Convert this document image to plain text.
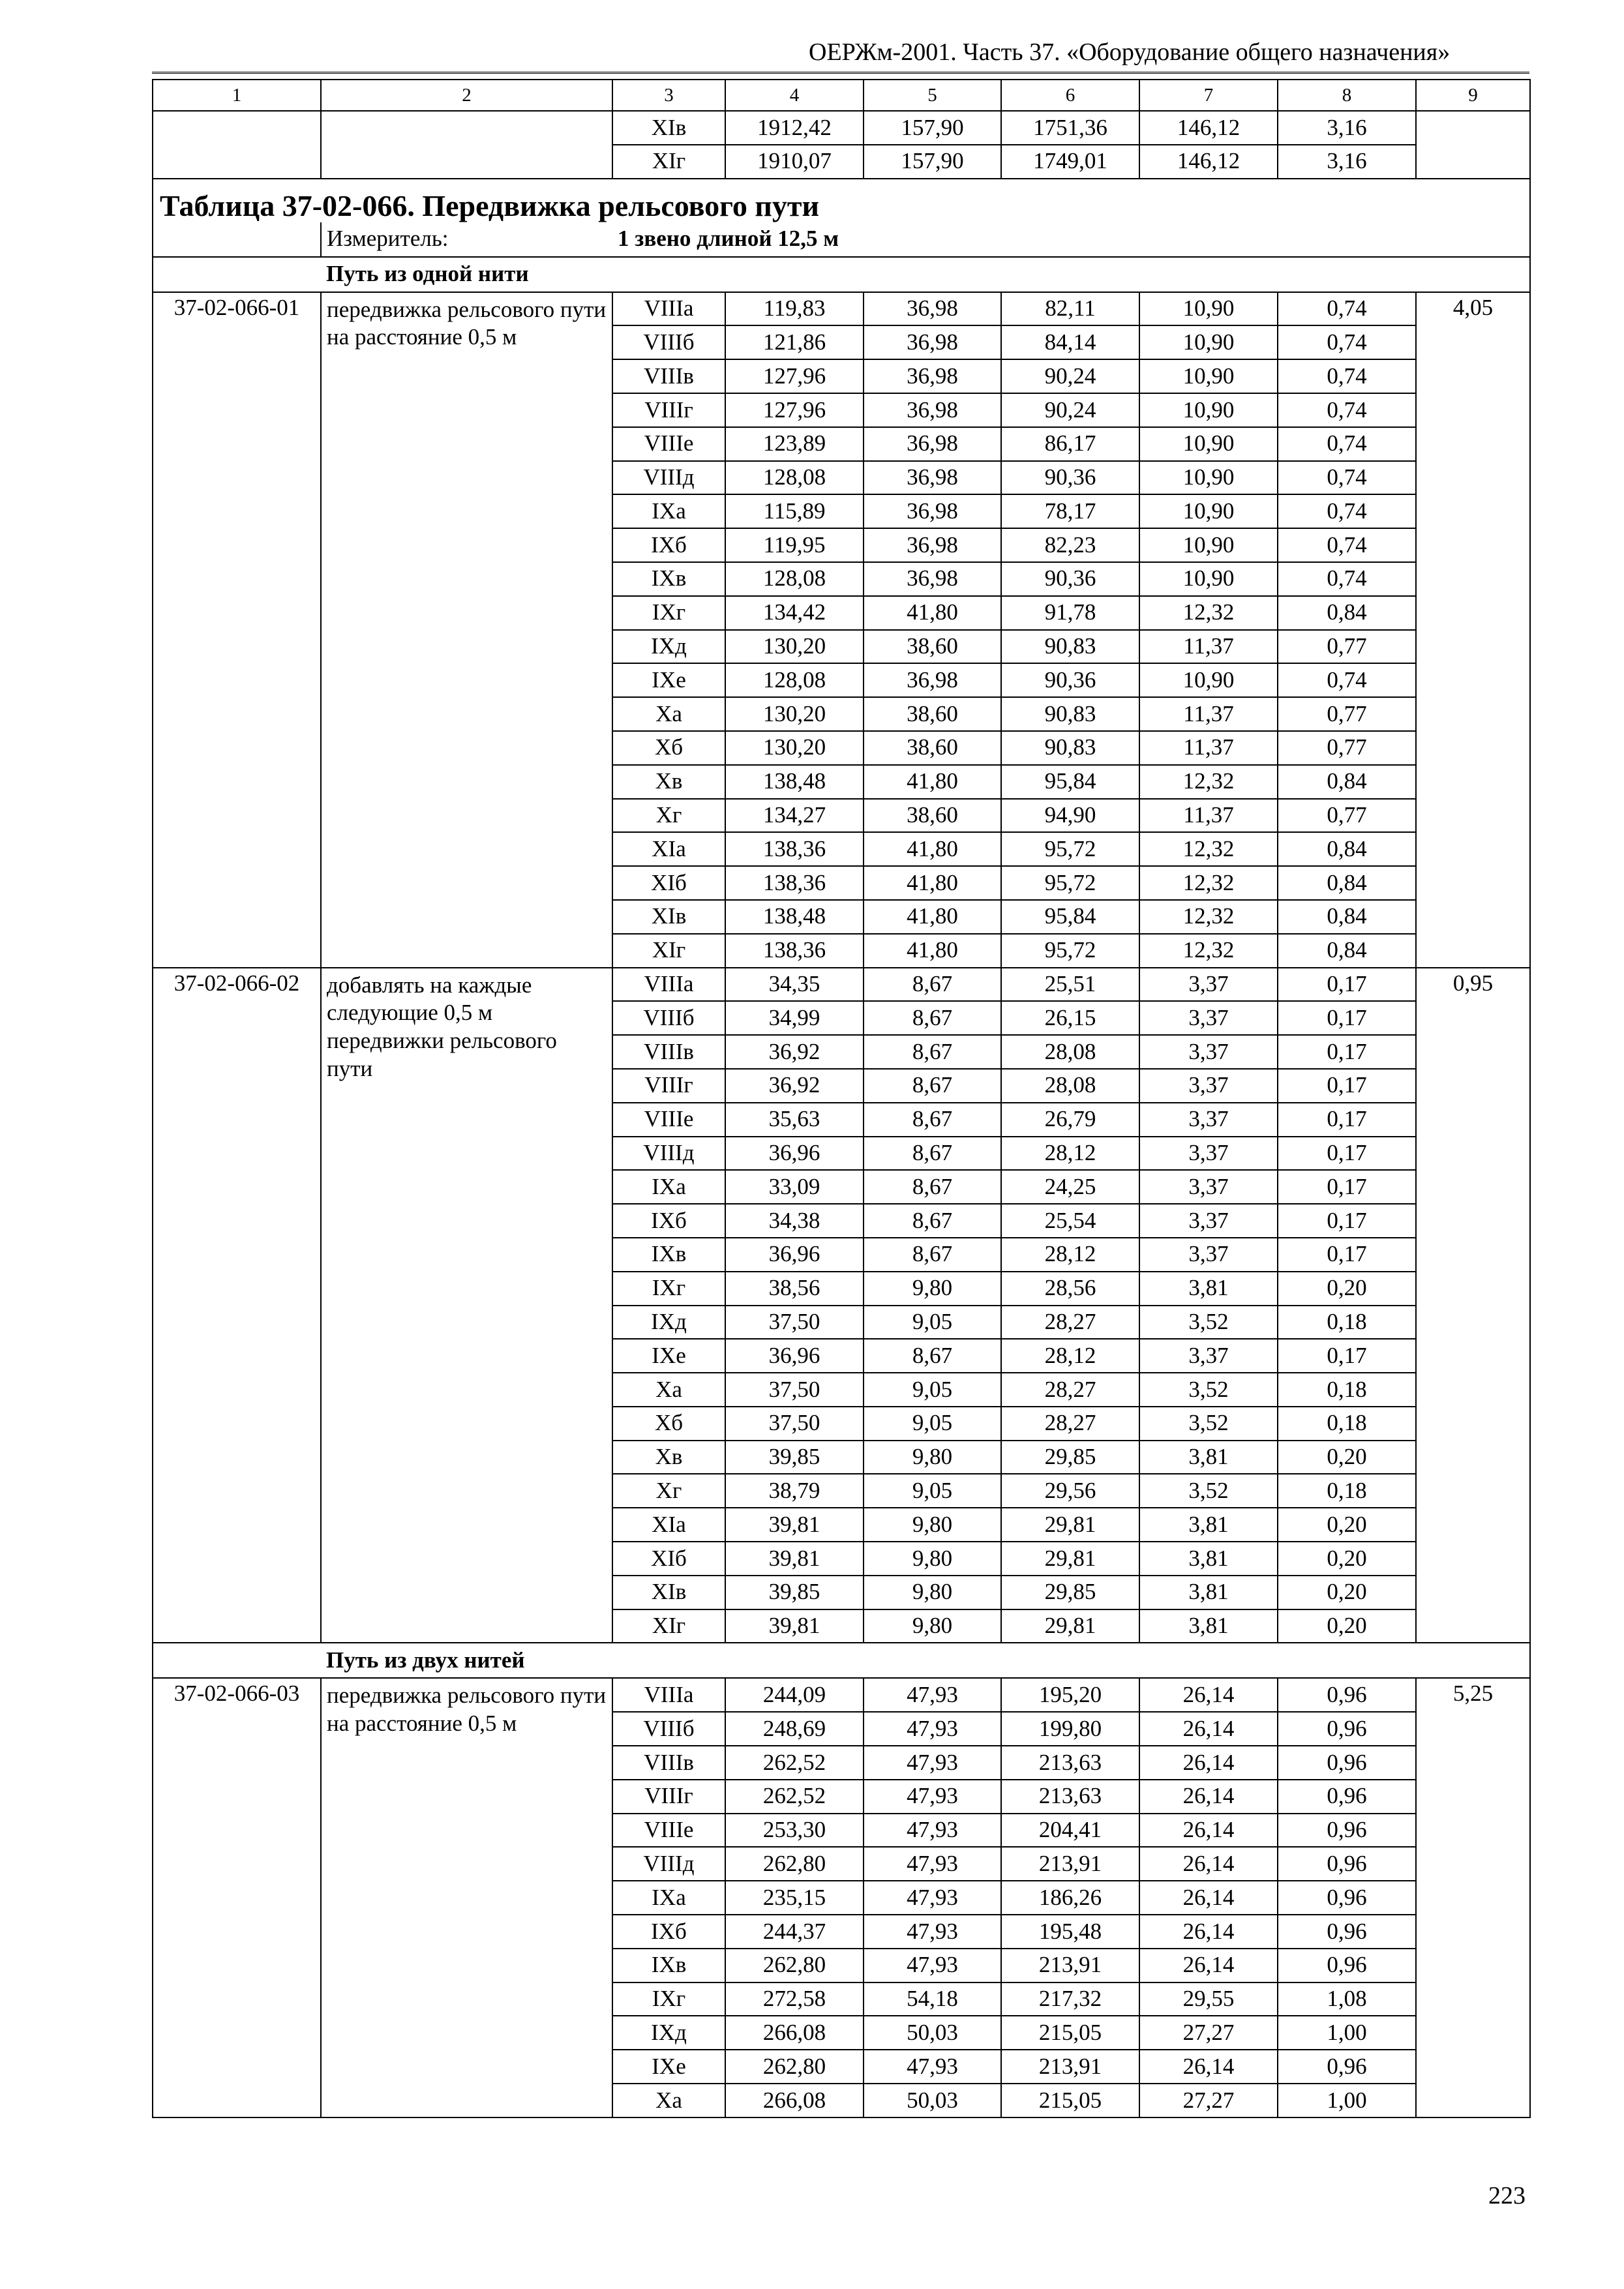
ОЕРЖм-2001. Часть 37. «Оборудование общего назначения»
1	2	3	4	5	6	7	8	9
		XIв	1912,42	157,90	1751,36	146,12	3,16	
		XIг	1910,07	157,90	1749,01	146,12	3,16	
Таблица 37-02-066. Передвижка рельсового пути								
	Измеритель:	1 звено длиной 12,5 м						
	Путь из одной нити							
37-02-066-01	передвижка рельсового пути на расстояние 0,5 м	VIIIа	119,83	36,98	82,11	10,90	0,74	4,05
		VIIIб	121,86	36,98	84,14	10,90	0,74	
		VIIIв	127,96	36,98	90,24	10,90	0,74	
		VIIIг	127,96	36,98	90,24	10,90	0,74	
		VIIIе	123,89	36,98	86,17	10,90	0,74	
		VIIIд	128,08	36,98	90,36	10,90	0,74	
		IXа	115,89	36,98	78,17	10,90	0,74	
		IXб	119,95	36,98	82,23	10,90	0,74	
		IXв	128,08	36,98	90,36	10,90	0,74	
		IXг	134,42	41,80	91,78	12,32	0,84	
		IXд	130,20	38,60	90,83	11,37	0,77	
		IXе	128,08	36,98	90,36	10,90	0,74	
		Xа	130,20	38,60	90,83	11,37	0,77	
		Xб	130,20	38,60	90,83	11,37	0,77	
		Xв	138,48	41,80	95,84	12,32	0,84	
		Xг	134,27	38,60	94,90	11,37	0,77	
		XIа	138,36	41,80	95,72	12,32	0,84	
		XIб	138,36	41,80	95,72	12,32	0,84	
		XIв	138,48	41,80	95,84	12,32	0,84	
		XIг	138,36	41,80	95,72	12,32	0,84	
37-02-066-02	добавлять на каждые следующие 0,5 м передвижки рельсового пути	VIIIа	34,35	8,67	25,51	3,37	0,17	0,95
		VIIIб	34,99	8,67	26,15	3,37	0,17	
		VIIIв	36,92	8,67	28,08	3,37	0,17	
		VIIIг	36,92	8,67	28,08	3,37	0,17	
		VIIIе	35,63	8,67	26,79	3,37	0,17	
		VIIIд	36,96	8,67	28,12	3,37	0,17	
		IXа	33,09	8,67	24,25	3,37	0,17	
		IXб	34,38	8,67	25,54	3,37	0,17	
		IXв	36,96	8,67	28,12	3,37	0,17	
		IXг	38,56	9,80	28,56	3,81	0,20	
		IXд	37,50	9,05	28,27	3,52	0,18	
		IXе	36,96	8,67	28,12	3,37	0,17	
		Xа	37,50	9,05	28,27	3,52	0,18	
		Xб	37,50	9,05	28,27	3,52	0,18	
		Xв	39,85	9,80	29,85	3,81	0,20	
		Xг	38,79	9,05	29,56	3,52	0,18	
		XIа	39,81	9,80	29,81	3,81	0,20	
		XIб	39,81	9,80	29,81	3,81	0,20	
		XIв	39,85	9,80	29,85	3,81	0,20	
		XIг	39,81	9,80	29,81	3,81	0,20	
	Путь из двух нитей							
37-02-066-03	передвижка рельсового пути на расстояние 0,5 м	VIIIа	244,09	47,93	195,20	26,14	0,96	5,25
		VIIIб	248,69	47,93	199,80	26,14	0,96	
		VIIIв	262,52	47,93	213,63	26,14	0,96	
		VIIIг	262,52	47,93	213,63	26,14	0,96	
		VIIIе	253,30	47,93	204,41	26,14	0,96	
		VIIIд	262,80	47,93	213,91	26,14	0,96	
		IXа	235,15	47,93	186,26	26,14	0,96	
		IXб	244,37	47,93	195,48	26,14	0,96	
		IXв	262,80	47,93	213,91	26,14	0,96	
		IXг	272,58	54,18	217,32	29,55	1,08	
		IXд	266,08	50,03	215,05	27,27	1,00	
		IXе	262,80	47,93	213,91	26,14	0,96	
		Xа	266,08	50,03	215,05	27,27	1,00	
223
